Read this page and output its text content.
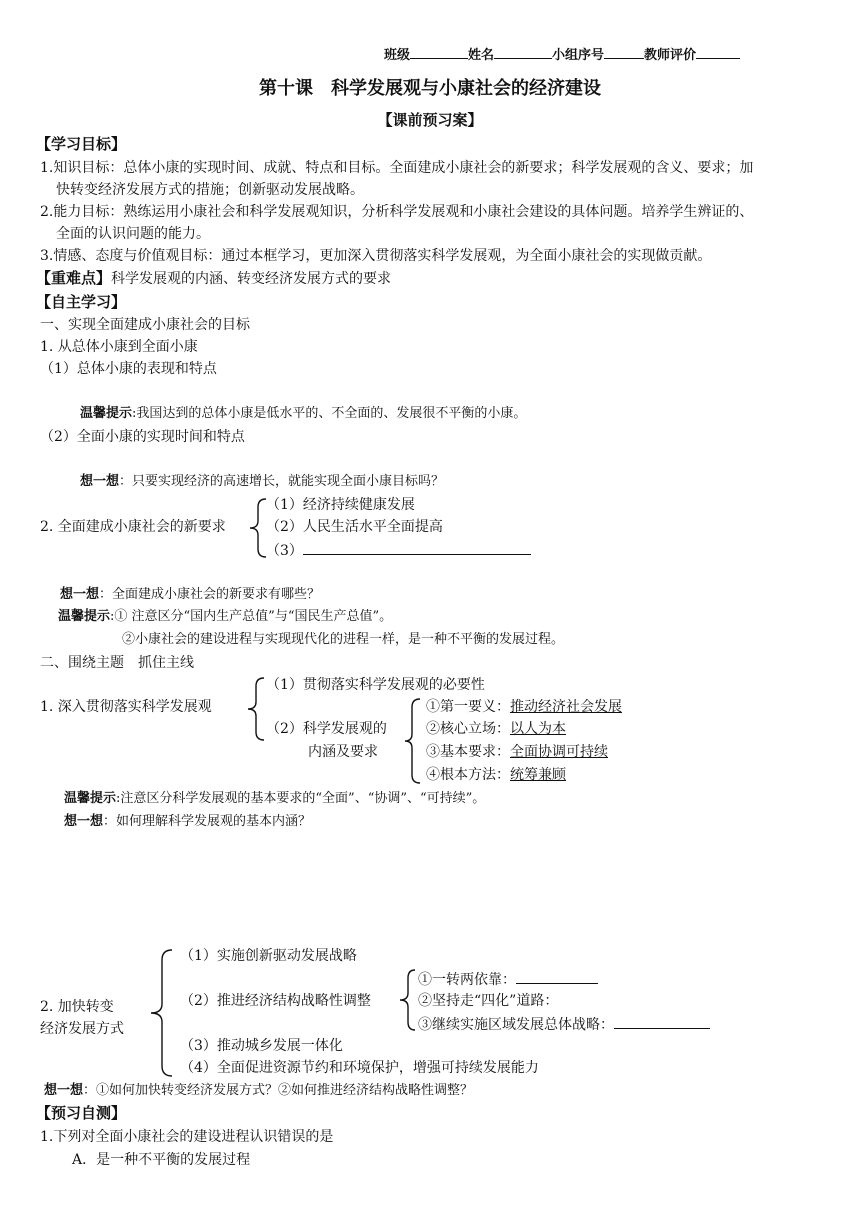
班级	姓名	小组序号	教师评价
第十课　科学发展观与小康社会的经济建设
【课前预习案】
【学习目标】
1.知识目标：总体小康的实现时间、成就、特点和目标。全面建成小康社会的新要求；科学发展观的含义、要求；加
快转变经济发展方式的措施；创新驱动发展战略。
2.能力目标：熟练运用小康社会和科学发展观知识，分析科学发展观和小康社会建设的具体问题。培养学生辨证的、
全面的认识问题的能力。
3.情感、态度与价值观目标：通过本框学习，更加深入贯彻落实科学发展观，为全面小康社会的实现做贡献。
【重难点】科学发展观的内涵、转变经济发展方式的要求
【自主学习】
一、实现全面建成小康社会的目标
1. 从总体小康到全面小康
（1）总体小康的表现和特点
温馨提示:我国达到的总体小康是低水平的、不全面的、发展很不平衡的小康。
（2）全面小康的实现时间和特点
想一想：只要实现经济的高速增长，就能实现全面小康目标吗？
2. 全面建成小康社会的新要求
（1）经济持续健康发展
（2）人民生活水平全面提高
（3）
想一想：全面建成小康社会的新要求有哪些？
温馨提示:① 注意区分“国内生产总值”与“国民生产总值”。
②小康社会的建设进程与实现现代化的进程一样，是一种不平衡的发展过程。
二、围绕主题　抓住主线
1. 深入贯彻落实科学发展观
（1）贯彻落实科学发展观的必要性
（2）科学发展观的
内涵及要求
①第一要义：推动经济社会发展
②核心立场：以人为本
③基本要求：全面协调可持续
④根本方法：统筹兼顾
温馨提示:注意区分科学发展观的基本要求的“全面”、“协调”、“可持续”。
想一想：如何理解科学发展观的基本内涵？
2. 加快转变
经济发展方式
（1）实施创新驱动发展战略
（2）推进经济结构战略性调整
（3）推动城乡发展一体化
（4）全面促进资源节约和环境保护，增强可持续发展能力
①一转两依靠：
②坚持走“四化”道路：
③继续实施区域发展总体战略：
想一想：①如何加快转变经济发展方式？②如何推进经济结构战略性调整？
【预习自测】
1.下列对全面小康社会的建设进程认识错误的是
A．是一种不平衡的发展过程
